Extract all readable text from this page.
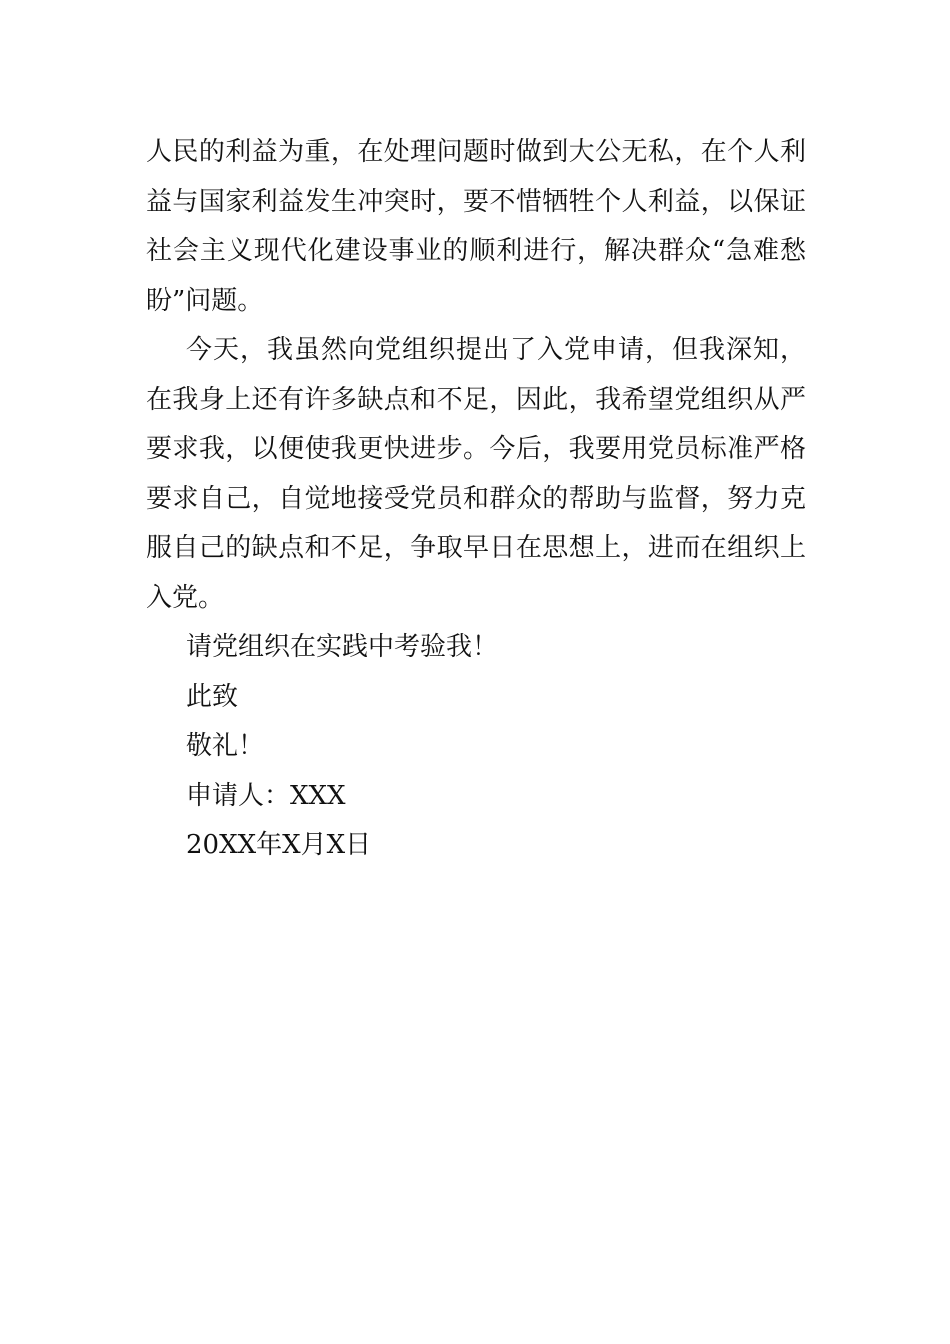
人民的利益为重，在处理问题时做到大公无私，在个人利益与国家利益发生冲突时，要不惜牺牲个人利益，以保证社会主义现代化建设事业的顺利进行，解决群众“急难愁盼”问题。

今天，我虽然向党组织提出了入党申请，但我深知，在我身上还有许多缺点和不足，因此，我希望党组织从严要求我，以便使我更快进步。今后，我要用党员标准严格要求自己，自觉地接受党员和群众的帮助与监督，努力克服自己的缺点和不足，争取早日在思想上，进而在组织上入党。

请党组织在实践中考验我！

此致

敬礼！

申请人：XXX

20XX年X月X日
